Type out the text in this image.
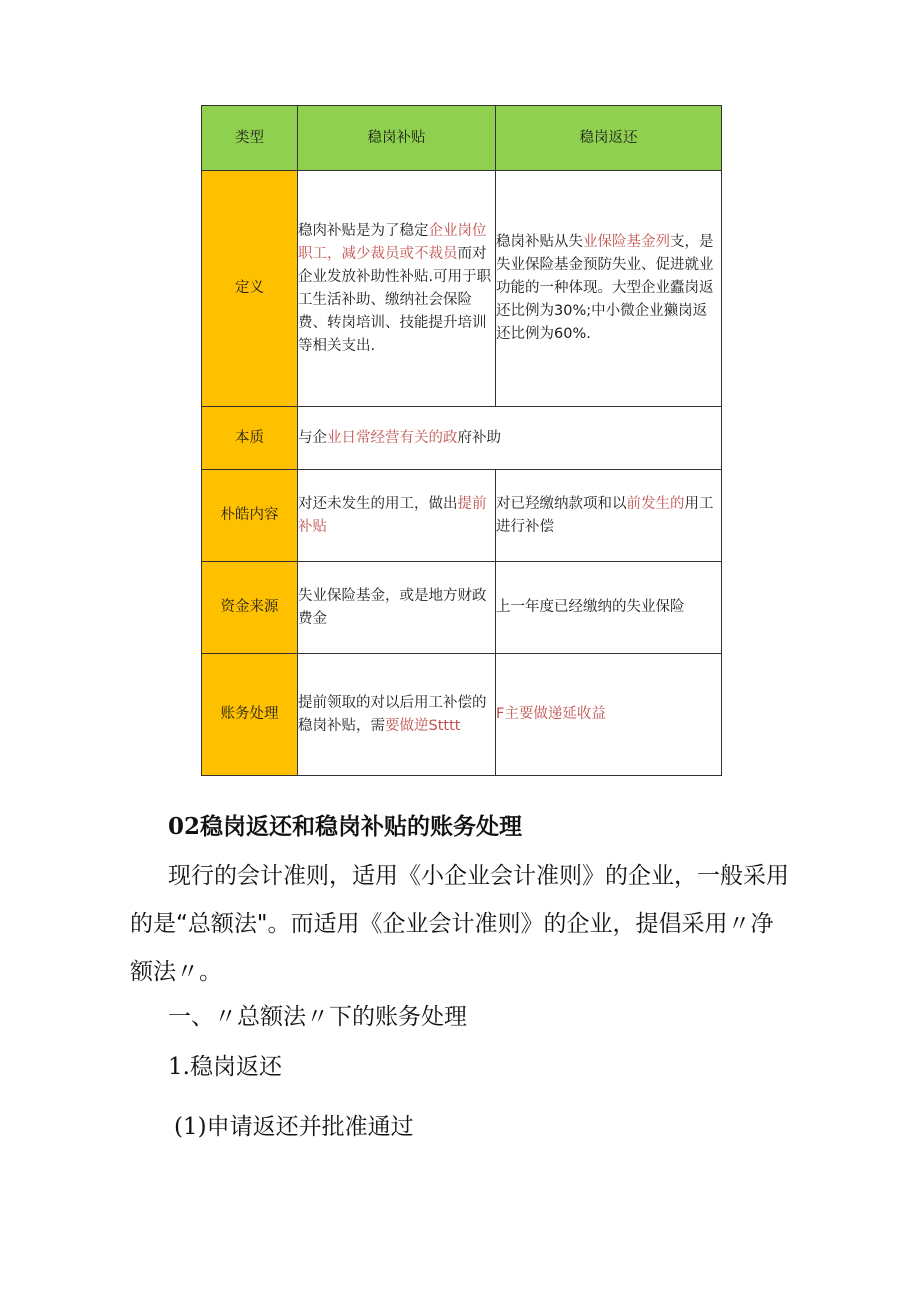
类型	稳岗补贴	稳岗返还
定义	稳肉补贴是为了稳定企业岗位职工，减少裁员或不裁员而对企业发放补助性补贴.可用于职工生活补助、缴纳社会保险费、转岗培训、技能提升培训等相关支出.	稳岗补贴从失业保险基金列支，是失业保险基金预防失业、促进就业功能的一种体现。大型企业蠹岗返还比例为30%;中小微企业獭岗返还比例为60%.
本质	与企业日常经营有关的政府补助	
朴皓内容	对还未发生的用工，做出提前补贴	对已羟缴纳款项和以前发生的用工进行补偿
资金来源	失业保险基金，或是地方财政费金	上一年度已经缴纳的失业保险
账务处理	提前领取的对以后用工补偿的稳岗补贴，需要做逆Stttt	F主要做递延收益
02稳岗返还和稳岗补贴的账务处理
现行的会计准则，适用《小企业会计准则》的企业，一般采用的是“总额法"。而适用《企业会计准则》的企业，提倡采用〃净额法〃。
一、〃总额法〃下的账务处理
1.稳岗返还
(1)申请返还并批准通过
